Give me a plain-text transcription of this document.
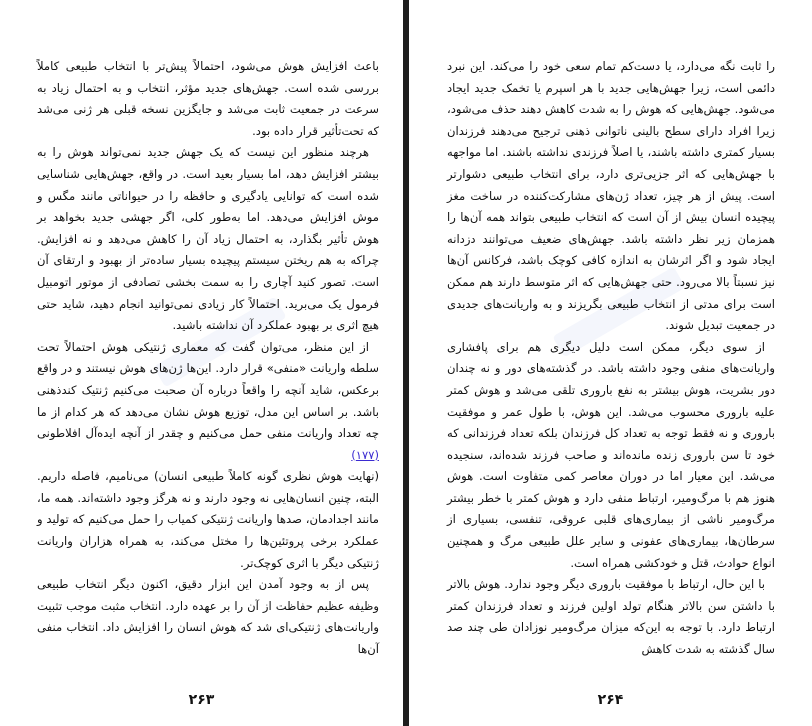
باعث افزایش هوش می‌شود، احتمالاً پیش‌تر با انتخاب طبیعی کاملاً بررسی شده است. جهش‌های جدید مؤثر، انتخاب و به احتمال زیاد به سرعت در جمعیت ثابت می‌شد و جایگزین نسخه قبلی هر ژنی می‌شد که تحت‌تأثیر قرار داده بود.

هرچند منظور این نیست که یک جهش جدید نمی‌تواند هوش را به بیشتر افزایش دهد، اما بسیار بعید است. در واقع، جهش‌هایی شناسایی شده است که توانایی یادگیری و حافظه را در حیواناتی مانند مگس و موش افزایش می‌دهد. اما به‌طور کلی، اگر جهشی جدید بخواهد بر هوش تأثیر بگذارد، به احتمال زیاد آن را کاهش می‌دهد و نه افزایش. چراکه به هم ریختن سیستم پیچیده بسیار ساده‌تر از بهبود و ارتقای آن است. تصور کنید آچاری را به سمت بخشی تصادفی از موتور اتومبیل فرمول یک می‌برید. احتمالاً کار زیادی نمی‌توانید انجام دهید، شاید حتی هیچ اثری بر بهبود عملکرد آن نداشته باشید.

از این منظر، می‌توان گفت که معماری ژنتیکی هوش احتمالاً تحت سلطه واریانت «منفی» قرار دارد. این‌ها ژن‌های هوش نیستند و در واقع برعکس، شاید آنچه را واقعاً درباره آن صحبت می‌کنیم ژنتیک کندذهنی باشد. بر اساس این مدل، توزیع هوش نشان می‌دهد که هر کدام از ما چه تعداد واریانت منفی حمل می‌کنیم و چقدر از آنچه ایده‌آل افلاطونی (۱۷۷)

(نهایت هوش نظری گونه کاملاً طبیعی انسان) می‌نامیم، فاصله داریم. البته، چنین انسان‌هایی نه وجود دارند و نه هرگز وجود داشته‌اند. همه ما، مانند اجدادمان، صدها واریانت ژنتیکی کمیاب را حمل می‌کنیم که تولید و عملکرد برخی پروتئین‌ها را مختل می‌کند، به همراه هزاران واریانت ژنتیکی دیگر با اثری کوچک‌تر.

پس از به وجود آمدن این ابزار دقیق، اکنون دیگر انتخاب طبیعی وظیفه عظیم حفاظت از آن را بر عهده دارد. انتخاب مثبت موجب تثبیت واریانت‌های ژنتیکی‌ای شد که هوش انسان را افزایش داد. انتخاب منفی آن‌ها

۲۶۳

را ثابت نگه می‌دارد، یا دست‌کم تمام سعی خود را می‌کند. این نبرد دائمی است، زیرا جهش‌هایی جدید با هر اسپرم یا تخمک جدید ایجاد می‌شود. جهش‌هایی که هوش را به شدت کاهش دهند حذف می‌شود، زیرا افراد دارای سطح بالینی ناتوانی ذهنی ترجیح می‌دهند فرزندان بسیار کمتری داشته باشند، یا اصلاً فرزندی نداشته باشند. اما مواجهه با جهش‌هایی که اثر جزیی‌تری دارد، برای انتخاب طبیعی دشوارتر است. پیش از هر چیز، تعداد ژن‌های مشارکت‌کننده در ساخت مغز پیچیده انسان بیش از آن است که انتخاب طبیعی بتواند همه آن‌ها را همزمان زیر نظر داشته باشد. جهش‌های ضعیف می‌توانند دزدانه ایجاد شود و اگر اثرشان به اندازه کافی کوچک باشد، فرکانس آن‌ها نیز نسبتاً بالا می‌رود. حتی جهش‌هایی که اثر متوسط دارند هم ممکن است برای مدتی از انتخاب طبیعی بگریزند و به واریانت‌های جدیدی در جمعیت تبدیل شوند.

از سوی دیگر، ممکن است دلیل دیگری هم برای پافشاری واریانت‌های منفی وجود داشته باشد. در گذشته‌های دور و نه چندان دور بشریت، هوش بیشتر به نفع باروری تلقی می‌شد و هوش کمتر علیه باروری محسوب می‌شد. این هوش، با طول عمر و موفقیت باروری و نه فقط توجه به تعداد کل فرزندان بلکه تعداد فرزندانی که خود تا سن باروری زنده مانده‌اند و صاحب فرزند شده‌اند، سنجیده می‌شد. این معیار اما در دوران معاصر کمی متفاوت است. هوش هنوز هم با مرگ‌ومیر، ارتباط منفی دارد و هوش کمتر با خطر بیشتر مرگ‌ومیر ناشی از بیماری‌های قلبی عروقی، تنفسی، بسیاری از سرطان‌ها، بیماری‌های عفونی و سایر علل طبیعی مرگ و همچنین انواع حوادث، قتل و خودکشی همراه است.

با این حال، ارتباط با موفقیت باروری دیگر وجود ندارد. هوش بالاتر با داشتن سن بالاتر هنگام تولد اولین فرزند و تعداد فرزندان کمتر ارتباط دارد. با توجه به این‌که میزان مرگ‌ومیر نوزادان طی چند صد سال گذشته به شدت کاهش

۲۶۴
